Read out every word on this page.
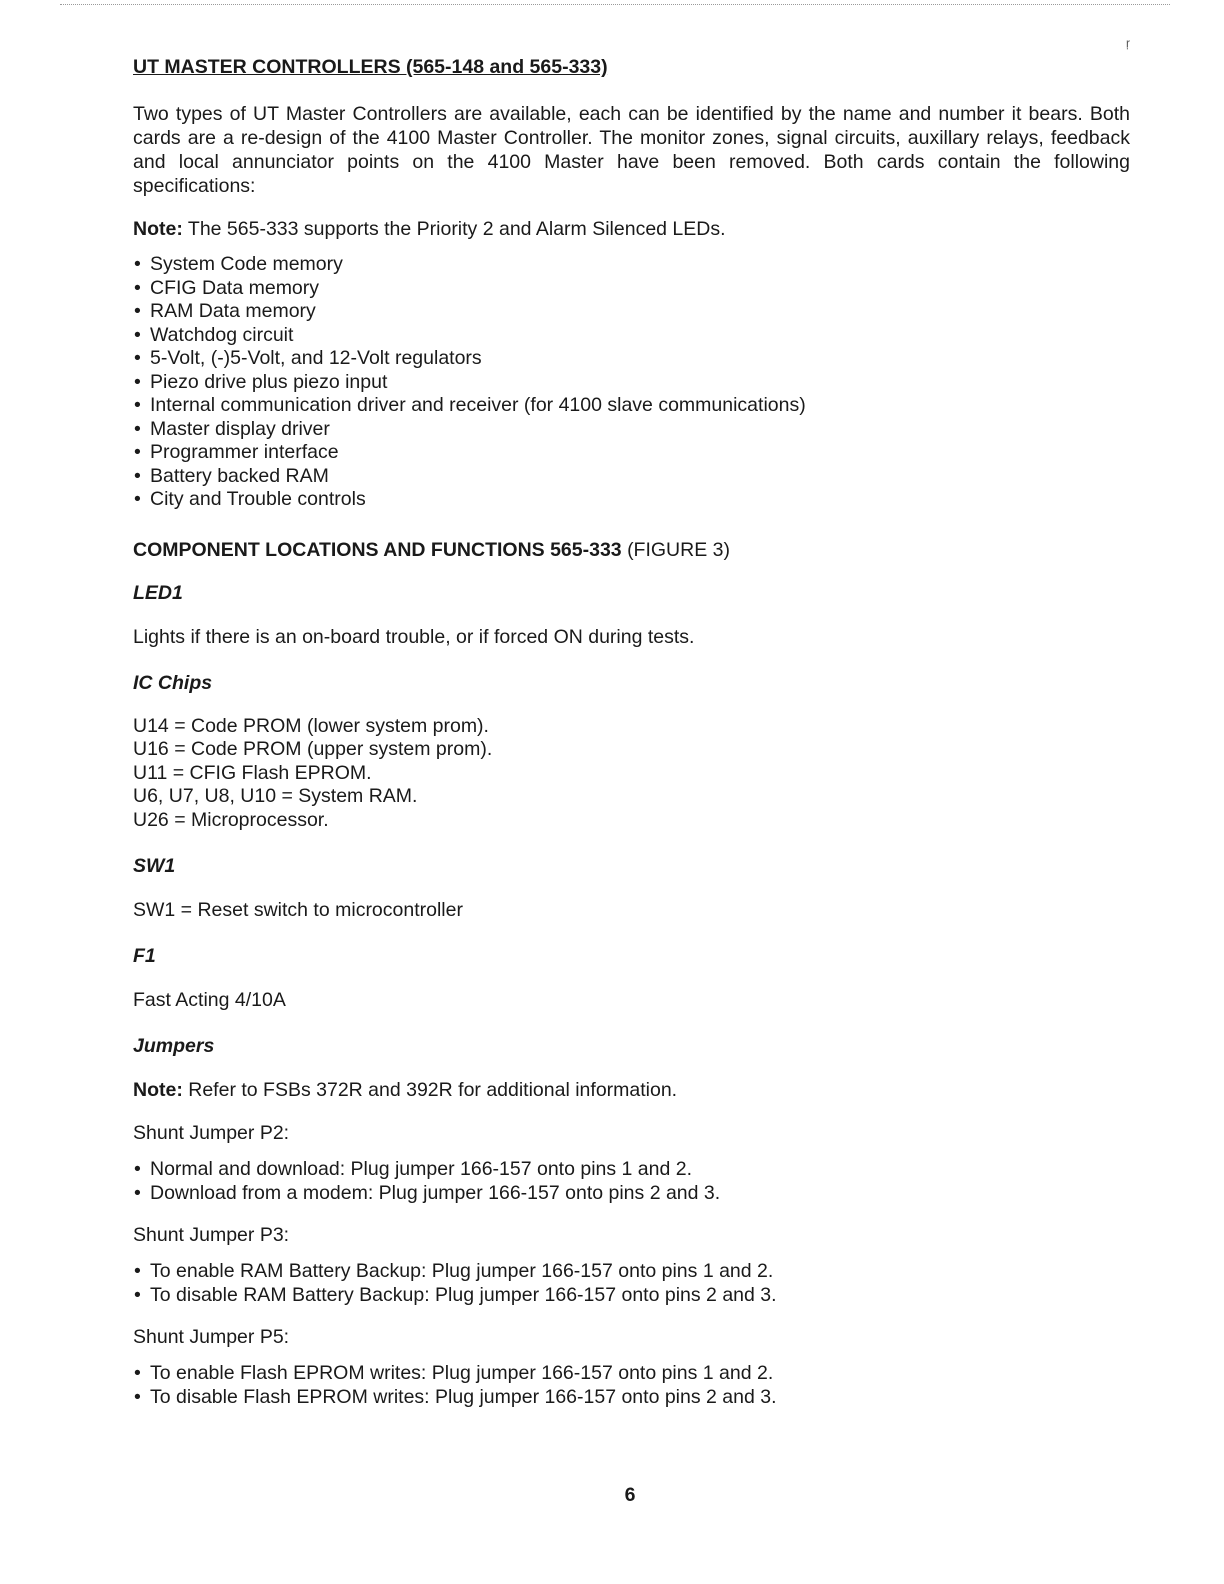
ŗ
UT MASTER CONTROLLERS (565-148 and 565-333)
Two types of UT Master Controllers are available, each can be identified by the name and number it bears. Both cards are a re-design of the 4100 Master Controller. The monitor zones, signal circuits, auxillary relays, feedback and local annunciator points on the 4100 Master have been removed. Both cards contain the following specifications:
Note: The 565-333 supports the Priority 2 and Alarm Silenced LEDs.
• System Code memory
• CFIG Data memory
• RAM Data memory
• Watchdog circuit
• 5-Volt, (-)5-Volt, and 12-Volt regulators
• Piezo drive plus piezo input
• Internal communication driver and receiver (for 4100 slave communications)
• Master display driver
• Programmer interface
• Battery backed RAM
• City and Trouble controls
COMPONENT LOCATIONS AND FUNCTIONS 565-333 (FIGURE 3)
LED1
Lights if there is an on-board trouble, or if forced ON during tests.
IC Chips
U14 = Code PROM (lower system prom).
U16 = Code PROM (upper system prom).
U11 = CFIG Flash EPROM.
U6, U7, U8, U10 = System RAM.
U26 = Microprocessor.
SW1
SW1 = Reset switch to microcontroller
F1
Fast Acting 4/10A
Jumpers
Note: Refer to FSBs 372R and 392R for additional information.
Shunt Jumper P2:
• Normal and download: Plug jumper 166-157 onto pins 1 and 2.
• Download from a modem: Plug jumper 166-157 onto pins 2 and 3.
Shunt Jumper P3:
• To enable RAM Battery Backup: Plug jumper 166-157 onto pins 1 and 2.
• To disable RAM Battery Backup: Plug jumper 166-157 onto pins 2 and 3.
Shunt Jumper P5:
• To enable Flash EPROM writes: Plug jumper 166-157 onto pins 1 and 2.
• To disable Flash EPROM writes: Plug jumper 166-157 onto pins 2 and 3.
6
